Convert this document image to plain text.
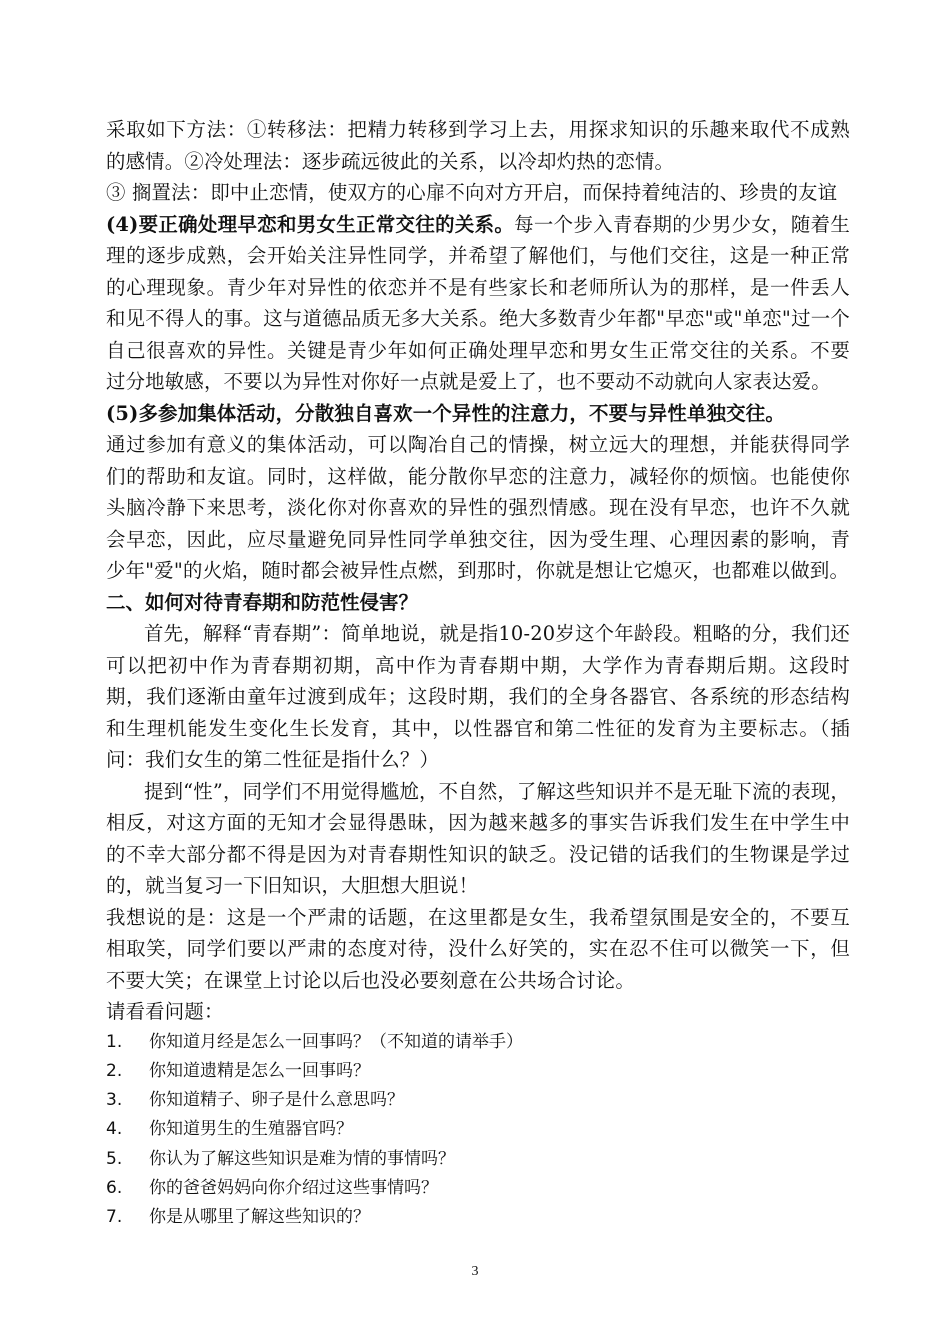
采取如下方法：①转移法：把精力转移到学习上去，用探求知识的乐趣来取代不成熟的感情。②冷处理法：逐步疏远彼此的关系，以冷却灼热的恋情。

③ 搁置法：即中止恋情，使双方的心扉不向对方开启，而保持着纯洁的、珍贵的友谊

(4)要正确处理早恋和男女生正常交往的关系。每一个步入青春期的少男少女，随着生理的逐步成熟，会开始关注异性同学，并希望了解他们，与他们交往，这是一种正常的心理现象。青少年对异性的依恋并不是有些家长和老师所认为的那样，是一件丢人和见不得人的事。这与道德品质无多大关系。绝大多数青少年都"早恋"或"单恋"过一个自己很喜欢的异性。关键是青少年如何正确处理早恋和男女生正常交往的关系。不要过分地敏感，不要以为异性对你好一点就是爱上了，也不要动不动就向人家表达爱。

(5)多参加集体活动，分散独自喜欢一个异性的注意力，不要与异性单独交往。

通过参加有意义的集体活动，可以陶冶自己的情操，树立远大的理想，并能获得同学们的帮助和友谊。同时，这样做，能分散你早恋的注意力，减轻你的烦恼。也能使你头脑冷静下来思考，淡化你对你喜欢的异性的强烈情感。现在没有早恋，也许不久就会早恋，因此，应尽量避免同异性同学单独交往，因为受生理、心理因素的影响，青少年"爱"的火焰，随时都会被异性点燃，到那时，你就是想让它熄灭，也都难以做到。

二、如何对待青春期和防范性侵害？

首先，解释“青春期”：简单地说，就是指10-20岁这个年龄段。粗略的分，我们还可以把初中作为青春期初期，高中作为青春期中期，大学作为青春期后期。这段时期，我们逐渐由童年过渡到成年；这段时期，我们的全身各器官、各系统的形态结构和生理机能发生变化生长发育，其中，以性器官和第二性征的发育为主要标志。（插问：我们女生的第二性征是指什么？）

提到“性”，同学们不用觉得尴尬，不自然，了解这些知识并不是无耻下流的表现，相反，对这方面的无知才会显得愚昧，因为越来越多的事实告诉我们发生在中学生中的不幸大部分都不得是因为对青春期性知识的缺乏。没记错的话我们的生物课是学过的，就当复习一下旧知识，大胆想大胆说！

我想说的是：这是一个严肃的话题，在这里都是女生，我希望氛围是安全的，不要互相取笑，同学们要以严肃的态度对待，没什么好笑的，实在忍不住可以微笑一下，但不要大笑；在课堂上讨论以后也没必要刻意在公共场合讨论。

请看看问题：

1.	你知道月经是怎么一回事吗？（不知道的请举手）

2.	你知道遗精是怎么一回事吗？

3.	你知道精子、卵子是什么意思吗？

4.	你知道男生的生殖器官吗？

5.	你认为了解这些知识是难为情的事情吗？

6.	你的爸爸妈妈向你介绍过这些事情吗？

7.	你是从哪里了解这些知识的？

3
